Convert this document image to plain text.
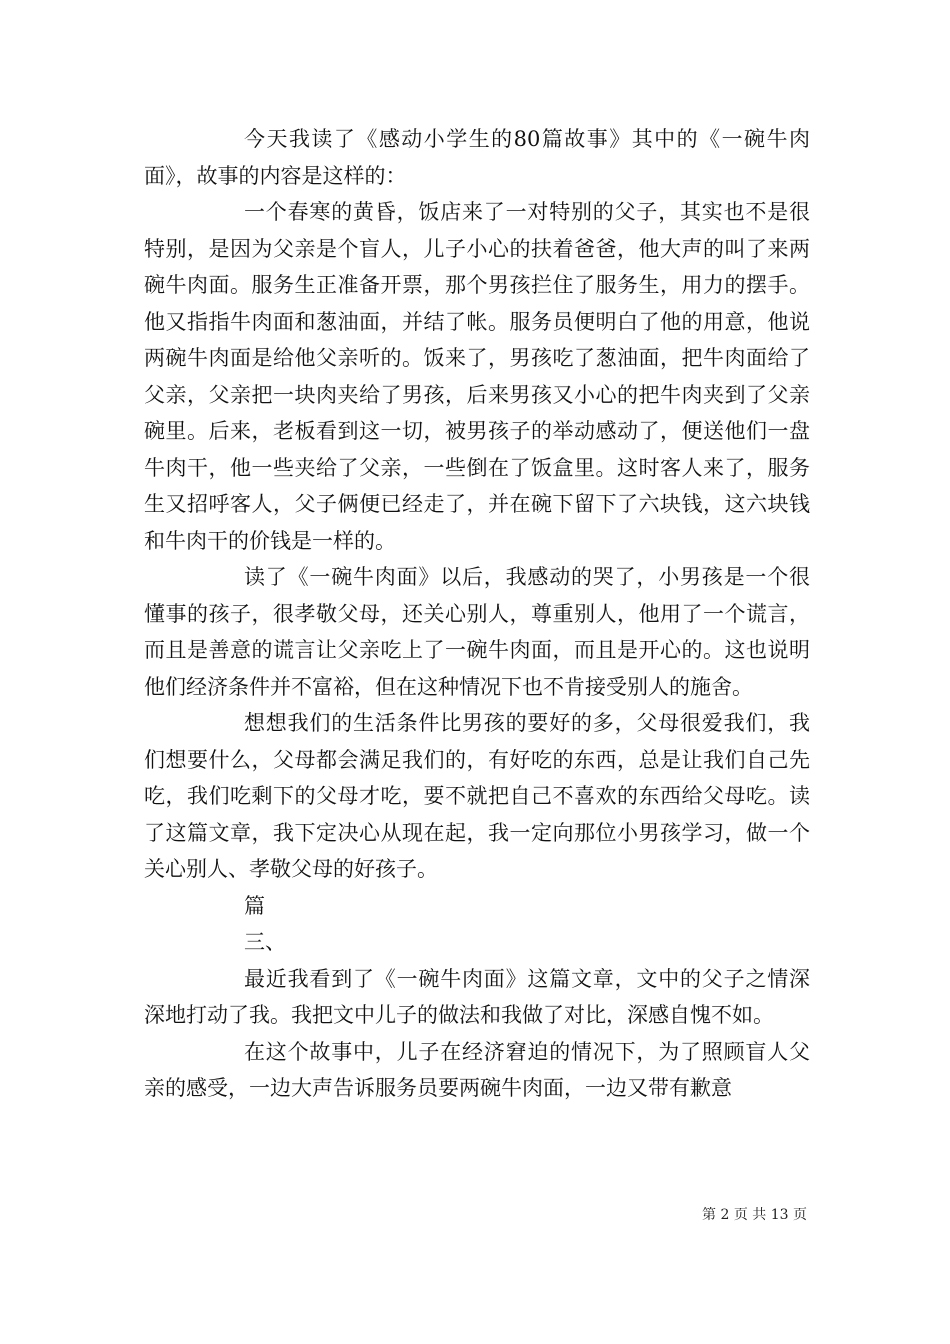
今天我读了《感动小学生的80篇故事》其中的《一碗牛肉面》，故事的内容是这样的：

一个春寒的黄昏，饭店来了一对特别的父子，其实也不是很特别，是因为父亲是个盲人，儿子小心的扶着爸爸，他大声的叫了来两碗牛肉面。服务生正准备开票，那个男孩拦住了服务生，用力的摆手。他又指指牛肉面和葱油面，并结了帐。服务员便明白了他的用意，他说两碗牛肉面是给他父亲听的。饭来了，男孩吃了葱油面，把牛肉面给了父亲，父亲把一块肉夹给了男孩，后来男孩又小心的把牛肉夹到了父亲碗里。后来，老板看到这一切，被男孩子的举动感动了，便送他们一盘牛肉干，他一些夹给了父亲，一些倒在了饭盒里。这时客人来了，服务生又招呼客人，父子俩便已经走了，并在碗下留下了六块钱，这六块钱和牛肉干的价钱是一样的。

读了《一碗牛肉面》以后，我感动的哭了，小男孩是一个很懂事的孩子，很孝敬父母，还关心别人，尊重别人，他用了一个谎言，而且是善意的谎言让父亲吃上了一碗牛肉面，而且是开心的。这也说明他们经济条件并不富裕，但在这种情况下也不肯接受别人的施舍。

想想我们的生活条件比男孩的要好的多，父母很爱我们，我们想要什么，父母都会满足我们的，有好吃的东西，总是让我们自己先吃，我们吃剩下的父母才吃，要不就把自己不喜欢的东西给父母吃。读了这篇文章，我下定决心从现在起，我一定向那位小男孩学习，做一个关心别人、孝敬父母的好孩子。

篇

三、

最近我看到了《一碗牛肉面》这篇文章，文中的父子之情深深地打动了我。我把文中儿子的做法和我做了对比，深感自愧不如。

在这个故事中，儿子在经济窘迫的情况下，为了照顾盲人父亲的感受，一边大声告诉服务员要两碗牛肉面，一边又带有歉意

第 2 页 共 13 页
